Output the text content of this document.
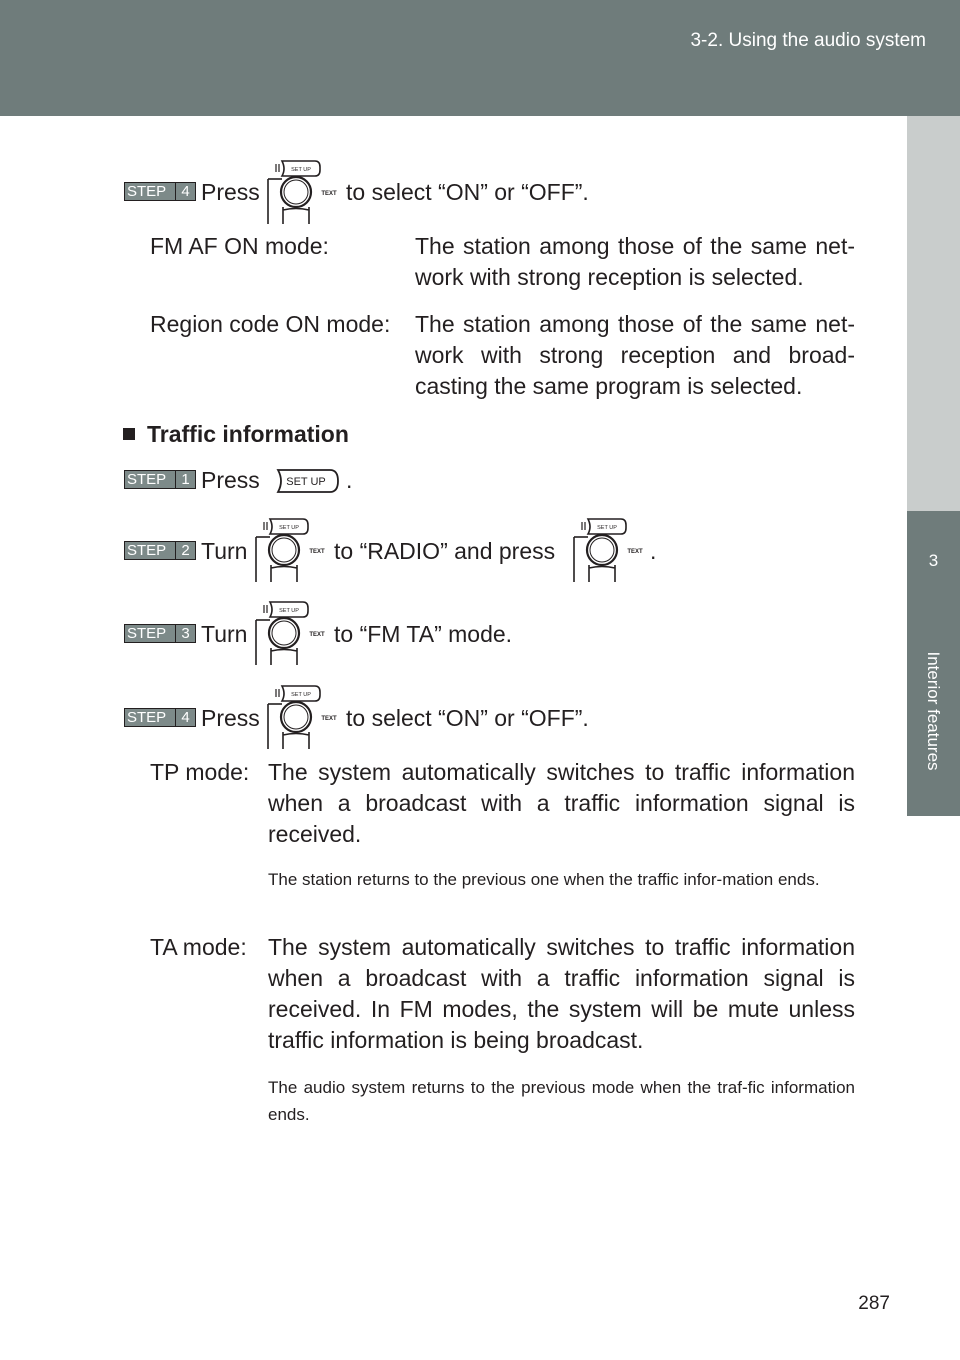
3-2. Using the audio system
3
Interior features
STEP	4 Press
SET UP
TEXT to select “ON” or “OFF”.
FM AF ON mode:	The station among those of the same net-work with strong reception is selected.
Region code ON mode: The station among those of the same net-work with strong reception and broad-casting the same program is selected.
Traffic information
STEP	1 Press SET UP .
STEP	2 Turn
SET UP
TEXT to “RADIO” and press
SET UP
TEXT .
STEP	3 Turn
SET UP
TEXT to “FM TA” mode.
STEP	4 Press
SET UP
TEXT to select “ON” or “OFF”.
TP mode: The system automatically switches to traffic information when a broadcast with a traffic information signal is received.
The station returns to the previous one when the traffic infor-mation ends.
TA mode: The system automatically switches to traffic information when a broadcast with a traffic information signal is received. In FM modes, the system will be mute unless traffic information is being broadcast.
The audio system returns to the previous mode when the traf-fic information ends.
287
